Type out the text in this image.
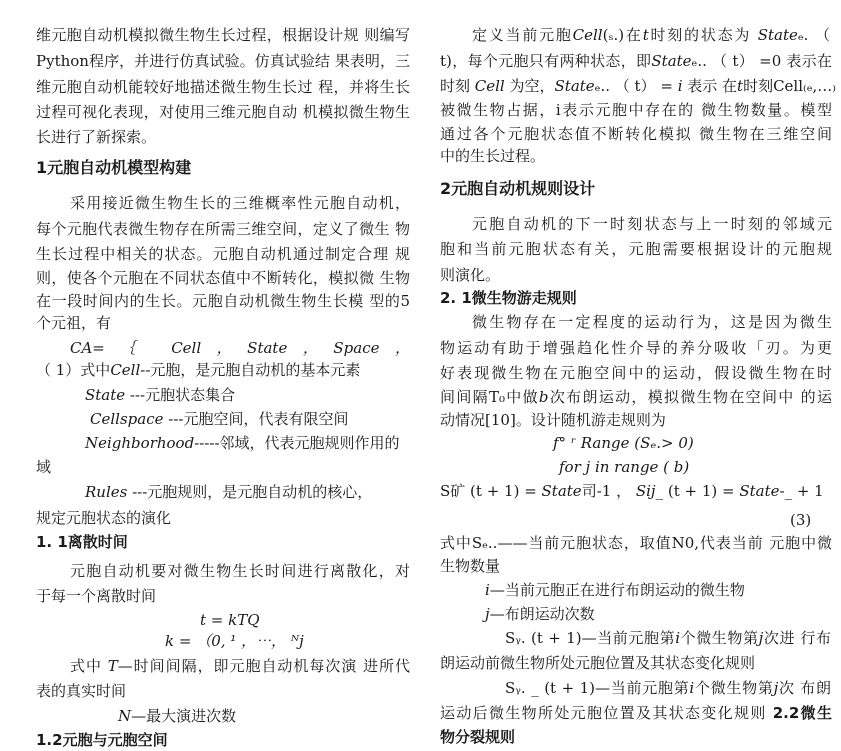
维元胞自动机模拟微生物生长过程，根据设计规 则编写
Python程序，并进行仿真试验。仿真试验结 果表明，三
维元胞自动机能较好地描述微生物生长过 程，并将生长
过程可视化表现，对使用三维元胞自动 机模拟微生物生
长进行了新探索。
1元胞自动机模型构建
采用接近微生物生长的三维概率性元胞自动机，
每个元胞代表微生物存在所需三维空间，定义了微生 物
生长过程中相关的状态。元胞自动机通过制定合理 规
则，使各个元胞在不同状态值中不断转化，模拟微 生物
在一段时间内的生长。元胞自动机微生物生长模 型的5
个元祖，有
CA=｛ Cell，State，Space，
（ 1）式中Cell--元胞，是元胞自动机的基本元素
State ---元胞状态集合
Cellspace ---元胞空间，代表有限空间
Neighborhood-----邻域，代表元胞规则作用的
域
Rules ---元胞规则，是元胞自动机的核心，
规定元胞状态的演化
1. 1离散时间
元胞自动机要对微生物生长时间进行离散化，对
于每一个离散时间
t = kTQ
k = （0, ¹ ，⋯， ᴺj
式中 T—时间间隔，即元胞自动机每次演 进所代
表的真实时间
N—最大演进次数
1.2元胞与元胞空间
定义当前元胞Cell(ₛ.)在t时刻的状态为 Stateₑ. （
t)，每个元胞只有两种状态，即Stateₑ.. （ t） =0 表示在
时刻 Cell 为空，Stateₑ.. （ t） = i 表示 在t时刻Cell₍ₑ,…₎
被微生物占据，i表示元胞中存在的 微生物数量。模型
通过各个元胞状态值不断转化模拟 微生物在三维空间
中的生长过程。
2元胞自动机规则设计
元胞自动机的下一时刻状态与上一时刻的邻域元
胞和当前元胞状态有关，元胞需要根据设计的元胞规
则演化。
2. 1微生物游走规则
微生物存在一定程度的运动行为，这是因为微生
物运动有助于增强趋化性介导的养分吸收「刃。为更
好表现微生物在元胞空间中的运动，假设微生物在时
间间隔T₀中做b次布朗运动，模拟微生物在空间中 的运
动情况[10]。设计随机游走规则为
f° ʳ Range (Sₑ.> 0)
for j in range ( b)
S矿 (t + 1) = State司-1 ， Sij_ (t + 1) = State-_ + 1
(3)
式中Sₑ..——当前元胞状态，取值N0,代表当前 元胞中微
生物数量
i—当前元胞正在进行布朗运动的微生物
j—布朗运动次数
Sᵧ. (t + 1)—当前元胞第i个微生物第j次进 行布
朗运动前微生物所处元胞位置及其状态变化规则
Sᵧ. _ (t + 1)—当前元胞第i个微生物第j次 布朗
运动后微生物所处元胞位置及其状态变化规则 2.2微生
物分裂规则
